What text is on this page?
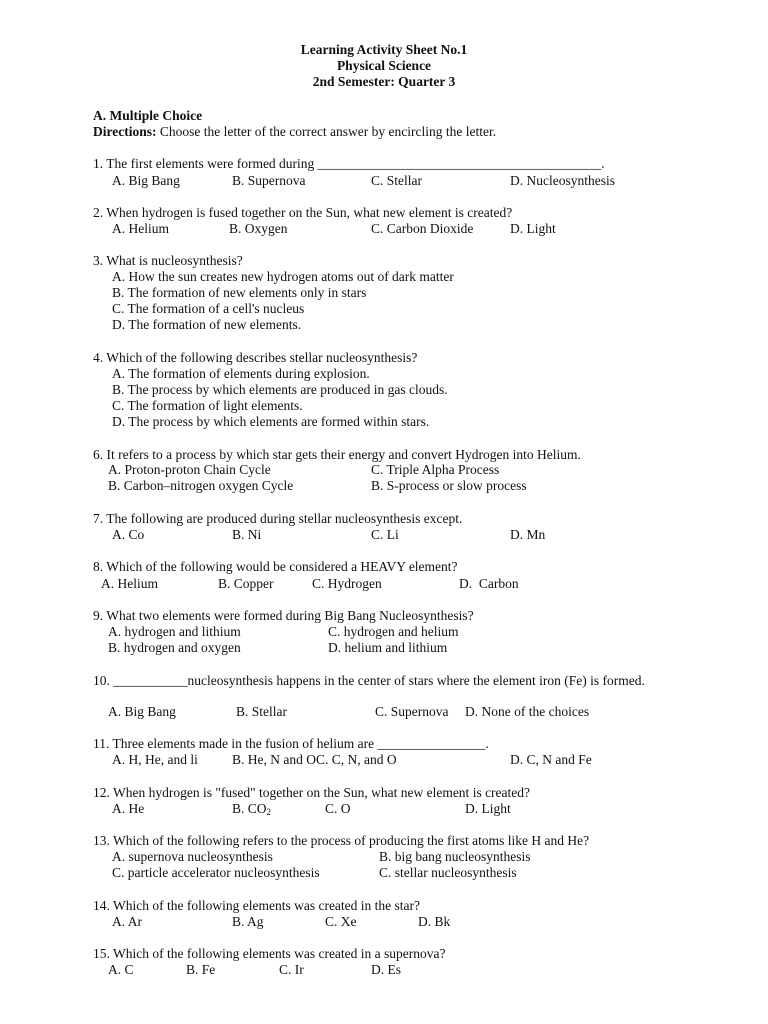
Learning Activity Sheet No.1
Physical Science
2nd Semester: Quarter 3
A. Multiple Choice
Directions: Choose the letter of the correct answer by encircling the letter.
1. The first elements were formed during __________________________________________.
A. Big Bang	B. Supernova	C. Stellar	D. Nucleosynthesis
2. When hydrogen is fused together on the Sun, what new element is created?
A. Helium	B. Oxygen	C. Carbon Dioxide	D. Light
3. What is nucleosynthesis?
A. How the sun creates new hydrogen atoms out of dark matter
B. The formation of new elements only in stars
C. The formation of a cell's nucleus
D. The formation of new elements.
4. Which of the following describes stellar nucleosynthesis?
A. The formation of elements during explosion.
B. The process by which elements are produced in gas clouds.
C. The formation of light elements.
D. The process by which elements are formed within stars.
6. It refers to a process by which star gets their energy and convert Hydrogen into Helium.
A. Proton-proton Chain Cycle	C. Triple Alpha Process
B. Carbon–nitrogen oxygen Cycle	B. S-process or slow process
7. The following are produced during stellar nucleosynthesis except.
A. Co	B. Ni	C. Li	D. Mn
8. Which of the following would be considered a HEAVY element?
A. Helium	B. Copper	C. Hydrogen	D.  Carbon
9. What two elements were formed during Big Bang Nucleosynthesis?
A. hydrogen and lithium	C. hydrogen and helium
B. hydrogen and oxygen	D. helium and lithium
10. ___________nucleosynthesis happens in the center of stars where the element iron (Fe) is formed.
A. Big Bang	B. Stellar	C. Supernova D. None of the choices
11. Three elements made in the fusion of helium are ________________.
A. H, He, and li	B. He, N and OC. C, N, and O	D. C, N and Fe
12. When hydrogen is "fused" together on the Sun, what new element is created?
A. He	B. $CO_2$	C. O	D. Light
13. Which of the following refers to the process of producing the first atoms like H and He?
A. supernova nucleosynthesis	B. big bang nucleosynthesis
C. particle accelerator nucleosynthesis	C. stellar nucleosynthesis
14. Which of the following elements was created in the star?
A. Ar	B. Ag	C. Xe	D. Bk
15. Which of the following elements was created in a supernova?
A. C	B. Fe	C. Ir	D. Es
